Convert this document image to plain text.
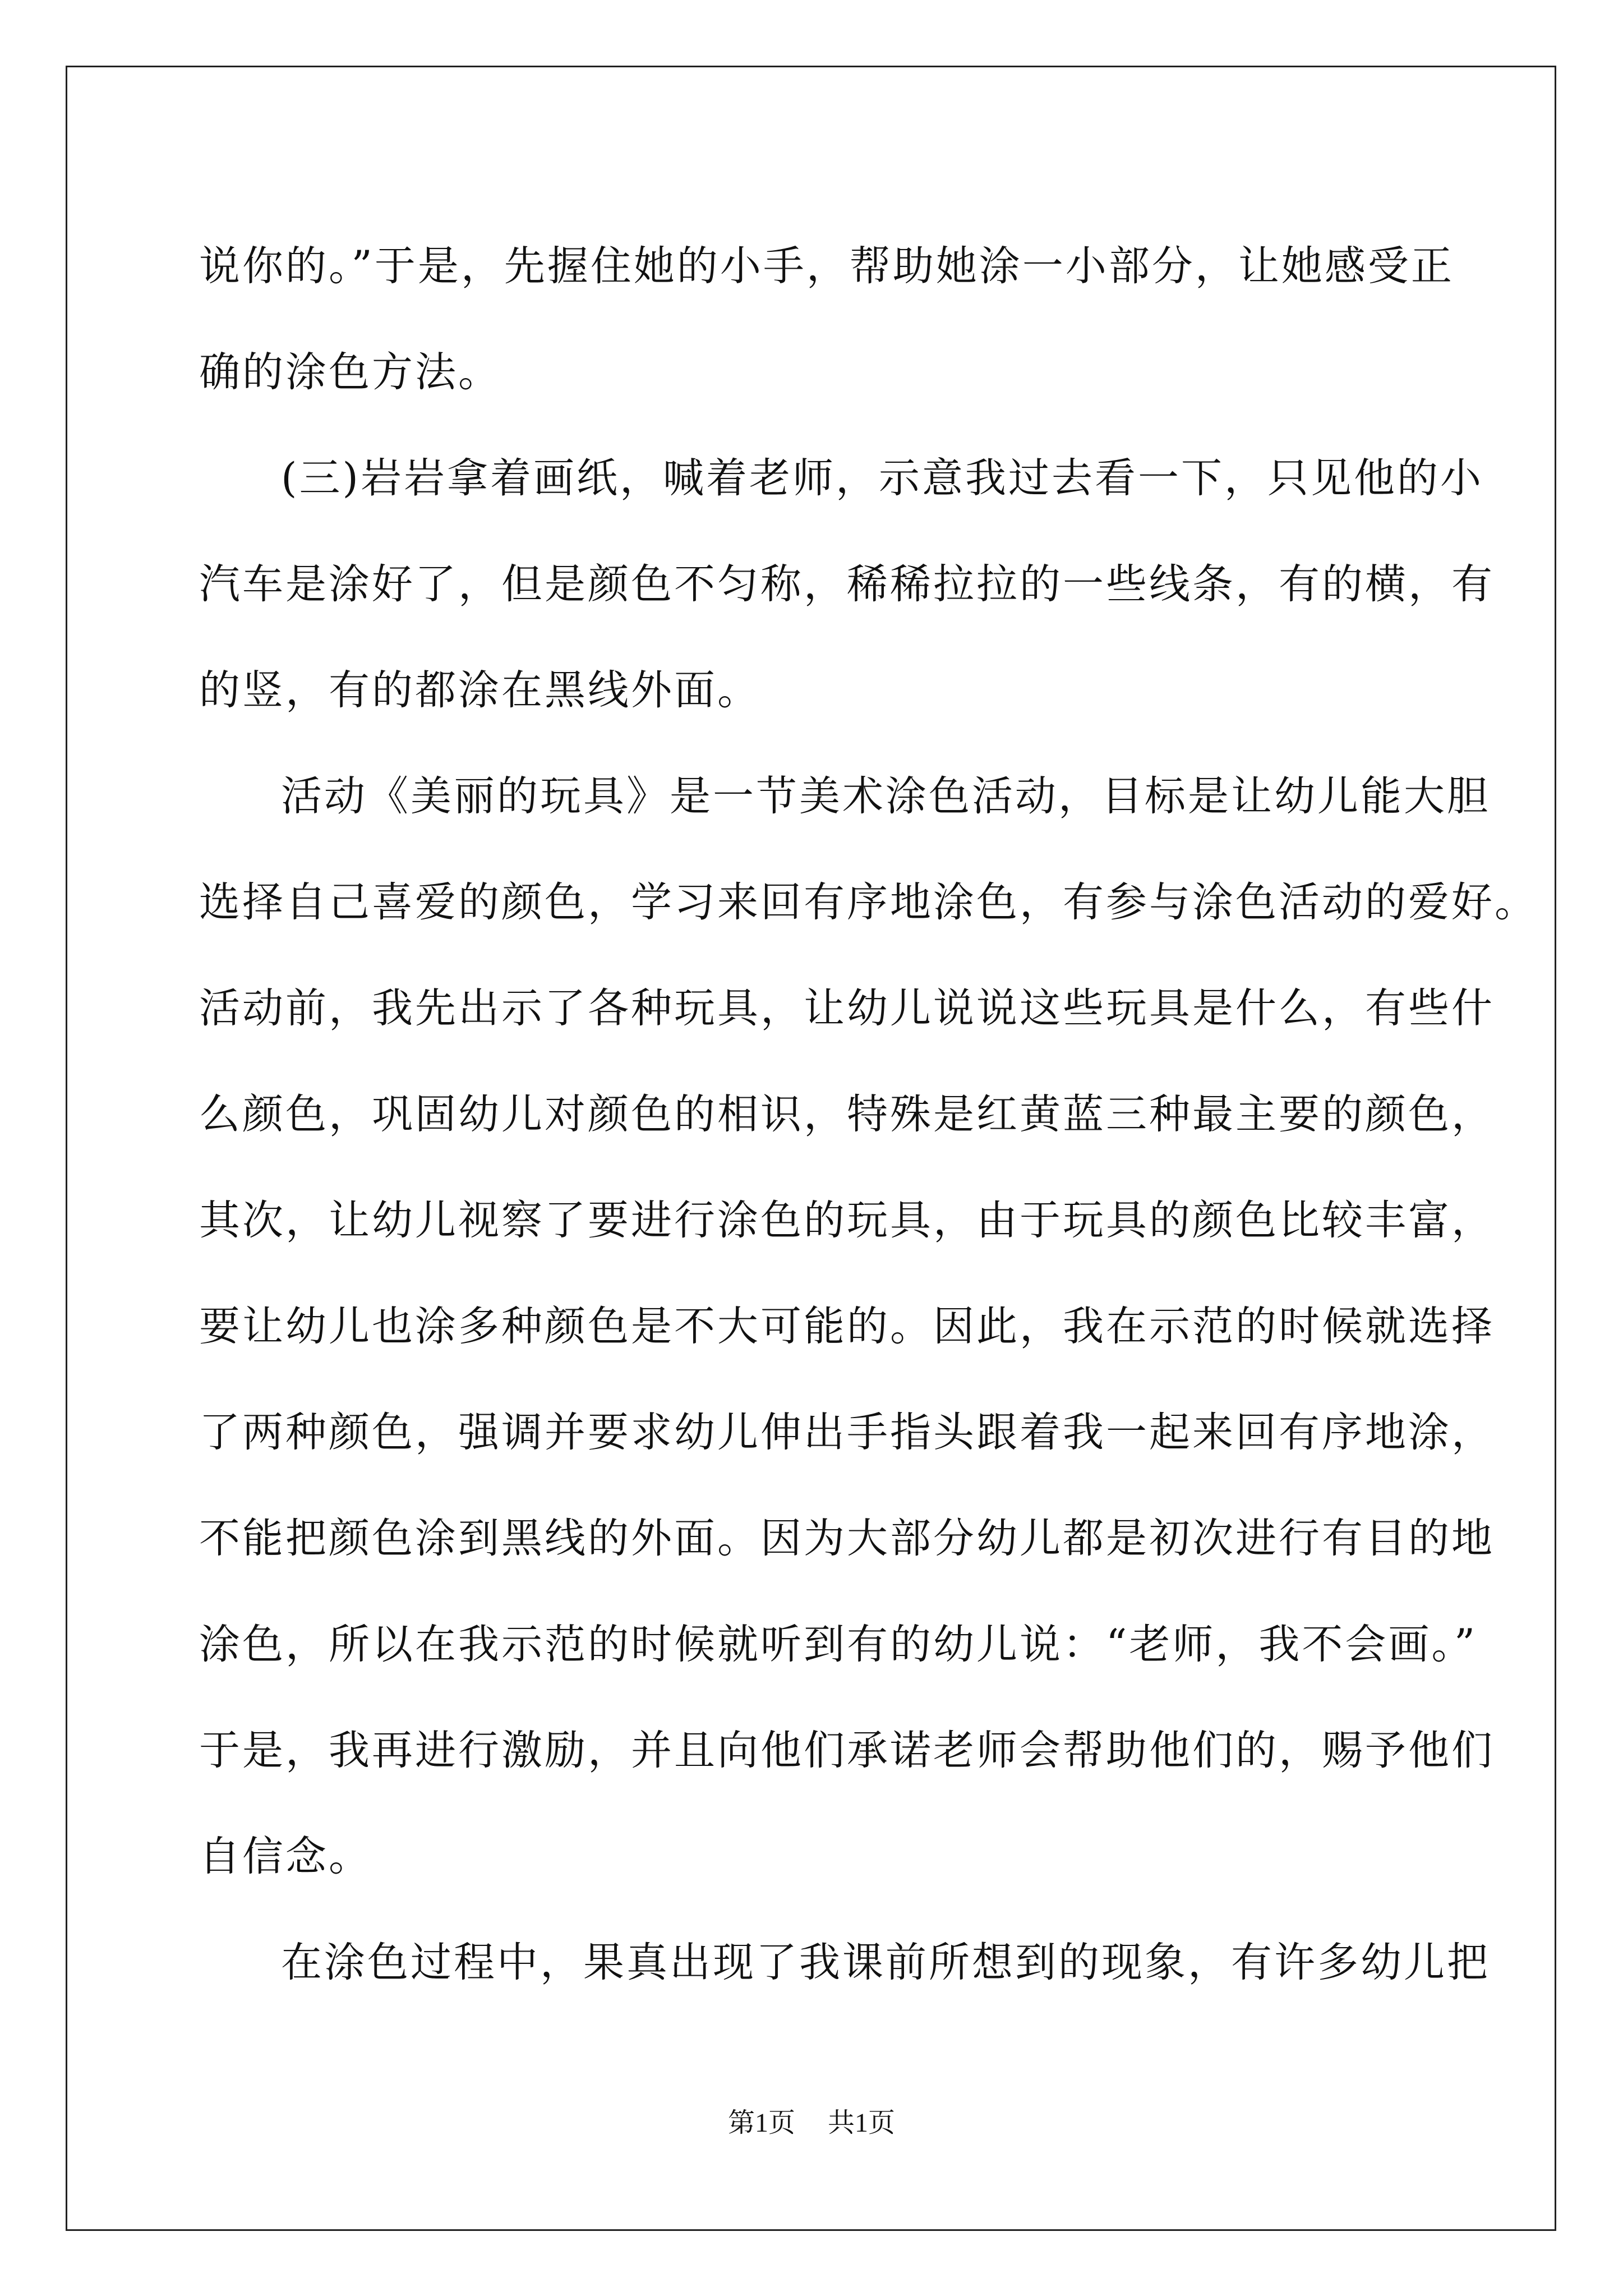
说你的。”于是，先握住她的小手，帮助她涂一小部分，让她感受正
确的涂色方法。
(三)岩岩拿着画纸，喊着老师，示意我过去看一下，只见他的小
汽车是涂好了，但是颜色不匀称，稀稀拉拉的一些线条，有的横，有
的竖，有的都涂在黑线外面。
活动《美丽的玩具》是一节美术涂色活动，目标是让幼儿能大胆
选择自己喜爱的颜色，学习来回有序地涂色，有参与涂色活动的爱好。
活动前，我先出示了各种玩具，让幼儿说说这些玩具是什么，有些什
么颜色，巩固幼儿对颜色的相识，特殊是红黄蓝三种最主要的颜色，
其次，让幼儿视察了要进行涂色的玩具，由于玩具的颜色比较丰富，
要让幼儿也涂多种颜色是不大可能的。因此，我在示范的时候就选择
了两种颜色，强调并要求幼儿伸出手指头跟着我一起来回有序地涂，
不能把颜色涂到黑线的外面。因为大部分幼儿都是初次进行有目的地
涂色，所以在我示范的时候就听到有的幼儿说：“老师，我不会画。”
于是，我再进行激励，并且向他们承诺老师会帮助他们的，赐予他们
自信念。
在涂色过程中，果真出现了我课前所想到的现象，有许多幼儿把
第1页 共1页
